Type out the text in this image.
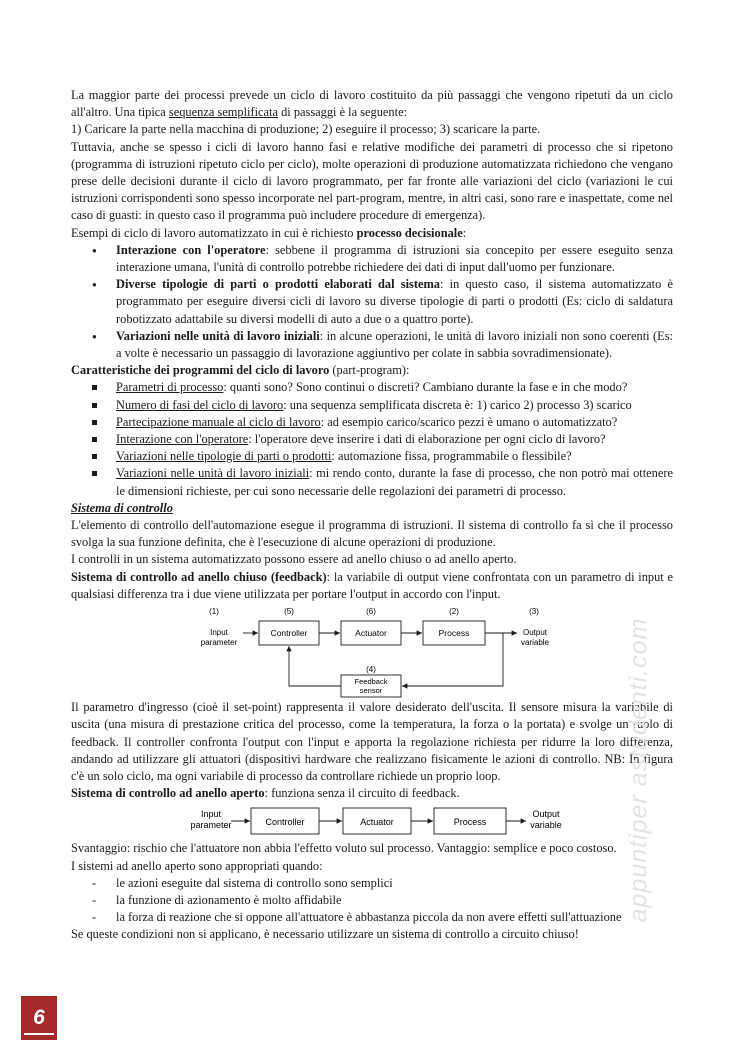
La maggior parte dei processi prevede un ciclo di lavoro costituito da più passaggi che vengono ripetuti da un ciclo all'altro. Una tipica sequenza semplificata di passaggi è la seguente:

1) Caricare la parte nella macchina di produzione; 2) eseguire il processo; 3) scaricare la parte.

Tuttavia, anche se spesso i cicli di lavoro hanno fasi e relative modifiche dei parametri di processo che si ripetono (programma di istruzioni ripetuto ciclo per ciclo), molte operazioni di produzione automatizzata richiedono che vengano prese delle decisioni durante il ciclo di lavoro programmato, per far fronte alle variazioni del ciclo (variazioni le cui istruzioni corrispondenti sono spesso incorporate nel part-program, mentre, in altri casi, sono rare e inaspettate, come nel caso di guasti: in questo caso il programma può includere procedure di emergenza).

Esempi di ciclo di lavoro automatizzato in cui è richiesto processo decisionale:

● Interazione con l'operatore: sebbene il programma di istruzioni sia concepito per essere eseguito senza interazione umana, l'unità di controllo potrebbe richiedere dei dati di input dall'uomo per funzionare.
● Diverse tipologie di parti o prodotti elaborati dal sistema: in questo caso, il sistema automatizzato è programmato per eseguire diversi cicli di lavoro su diverse tipologie di parti o prodotti (Es: ciclo di saldatura robotizzato adattabile su diversi modelli di auto a due o a quattro porte).
● Variazioni nelle unità di lavoro iniziali: in alcune operazioni, le unità di lavoro iniziali non sono coerenti (Es: a volte è necessario un passaggio di lavorazione aggiuntivo per colate in sabbia sovradimensionate).

Caratteristiche dei programmi del ciclo di lavoro (part-program):

Parametri di processo: quanti sono? Sono continui o discreti? Cambiano durante la fase e in che modo?
Numero di fasi del ciclo di lavoro: una sequenza semplificata discreta è: 1) carico 2) processo 3) scarico
Partecipazione manuale al ciclo di lavoro: ad esempio carico/scarico pezzi è umano o automatizzato?
Interazione con l'operatore: l'operatore deve inserire i dati di elaborazione per ogni ciclo di lavoro?
Variazioni nelle tipologie di parti o prodotti: automazione fissa, programmabile o flessibile?
Variazioni nelle unità di lavoro iniziali: mi rendo conto, durante la fase di processo, che non potrò mai ottenere le dimensioni richieste, per cui sono necessarie delle regolazioni dei parametri di processo.

Sistema di controllo

L'elemento di controllo dell'automazione esegue il programma di istruzioni. Il sistema di controllo fa sì che il processo svolga la sua funzione definita, che è l'esecuzione di alcune operazioni di produzione.

I controlli in un sistema automatizzato possono essere ad anello chiuso o ad anello aperto.

Sistema di controllo ad anello chiuso (feedback): la variabile di output viene confrontata con un parametro di input e qualsiasi differenza tra i due viene utilizzata per portare l'output in accordo con l'input.

(1)	(5)	(6)	(2)	(3)
(4)
Input
parameter
Output
variable
Controller	Actuator	Process
Feedback
sensor

Il parametro d'ingresso (cioè il set-point) rappresenta il valore desiderato dell'uscita. Il sensore misura la variabile di uscita (una misura di prestazione critica del processo, come la temperatura, la forza o la portata) e svolge un ruolo di feedback. Il controller confronta l'output con l'input e apporta la regolazione richiesta per ridurre la loro differenza, andando ad utilizzare gli attuatori (dispositivi hardware che realizzano fisicamente le azioni di controllo. NB: In figura c'è un solo ciclo, ma ogni variabile di processo da controllare richiede un proprio loop.

Sistema di controllo ad anello aperto: funziona senza il circuito di feedback.

Input
parameter	Controller	Actuator	Process
Output
variable

Svantaggio: rischio che l'attuatore non abbia l'effetto voluto sul processo. Vantaggio: semplice e poco costoso.

I sistemi ad anello aperto sono appropriati quando:

- le azioni eseguite dal sistema di controllo sono semplici
- la funzione di azionamento è molto affidabile
- la forza di reazione che si oppone all'attuatore è abbastanza piccola da non avere effetti sull'attuazione

Se queste condizioni non si applicano, è necessario utilizzare un sistema di controllo a circuito chiuso!

appuntiper astudenti.com
6
